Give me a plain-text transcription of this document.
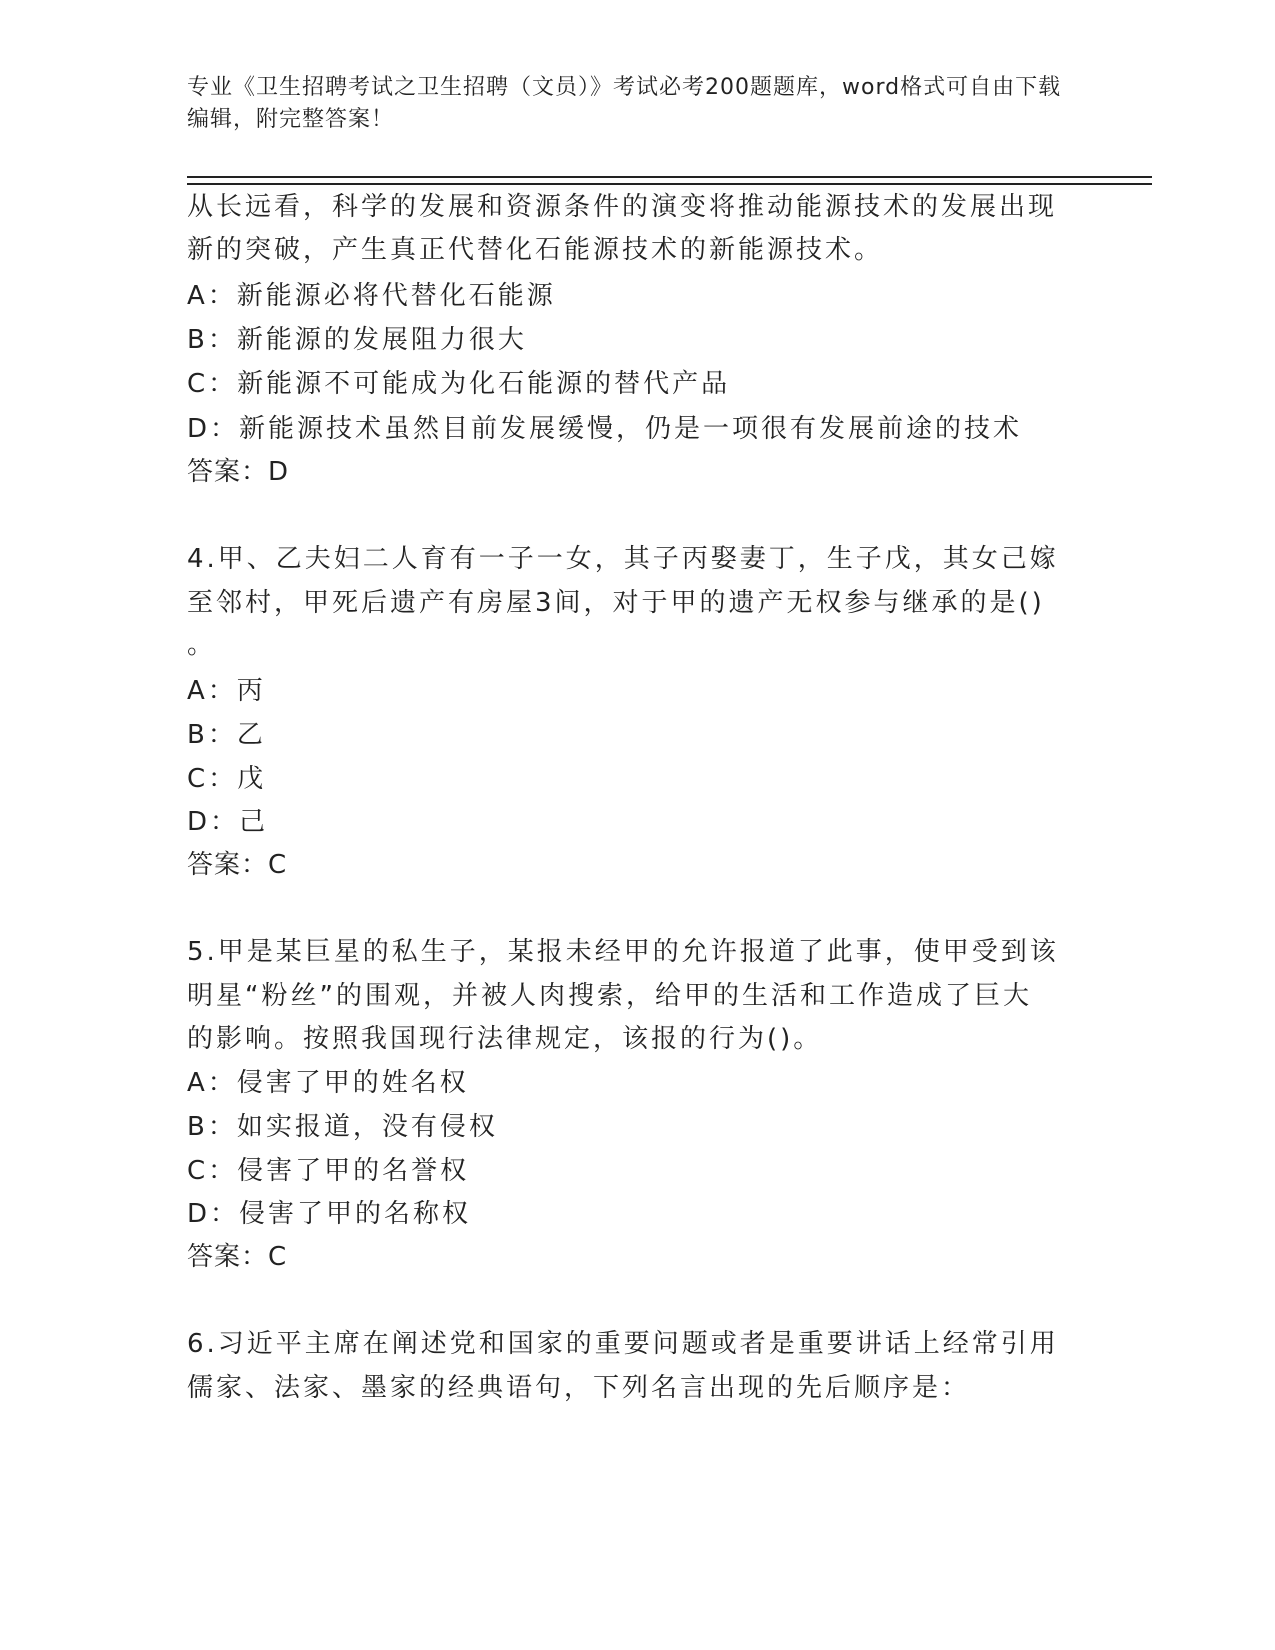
专业《卫生招聘考试之卫生招聘（文员）》考试必考200题题库，word格式可自由下载编辑，附完整答案！
从长远看，科学的发展和资源条件的演变将推动能源技术的发展出现
新的突破，产生真正代替化石能源技术的新能源技术。
A：新能源必将代替化石能源
B：新能源的发展阻力很大
C：新能源不可能成为化石能源的替代产品
D：新能源技术虽然目前发展缓慢，仍是一项很有发展前途的技术
答案：D
4.甲、乙夫妇二人育有一子一女，其子丙娶妻丁，生子戊，其女己嫁
至邻村，甲死后遗产有房屋3间，对于甲的遗产无权参与继承的是()
。
A：丙
B：乙
C：戊
D：己
答案：C
5.甲是某巨星的私生子，某报未经甲的允许报道了此事，使甲受到该
明星“粉丝”的围观，并被人肉搜索，给甲的生活和工作造成了巨大
的影响。按照我国现行法律规定，该报的行为()。
A：侵害了甲的姓名权
B：如实报道，没有侵权
C：侵害了甲的名誉权
D：侵害了甲的名称权
答案：C
6.习近平主席在阐述党和国家的重要问题或者是重要讲话上经常引用
儒家、法家、墨家的经典语句，下列名言出现的先后顺序是：
